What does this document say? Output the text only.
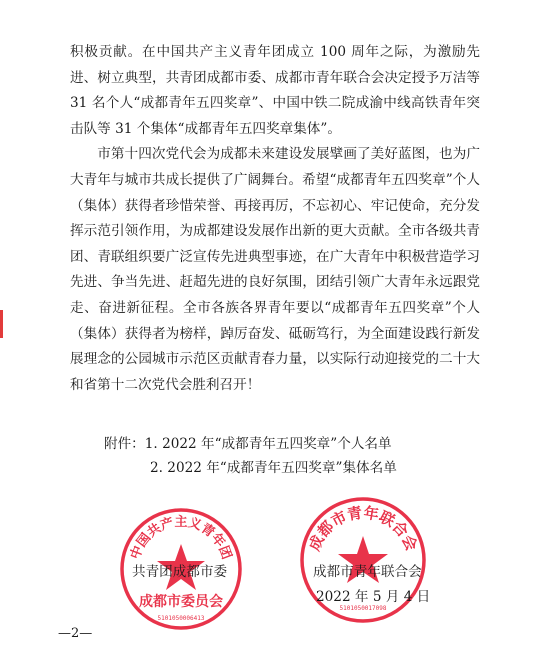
积极贡献。在中国共产主义青年团成立 100 周年之际，为激励先进、树立典型，共青团成都市委、成都市青年联合会决定授予万洁等 31 名个人“成都青年五四奖章”、中国中铁二院成渝中线高铁青年突击队等 31 个集体“成都青年五四奖章集体”。

市第十四次党代会为成都未来建设发展擘画了美好蓝图，也为广大青年与城市共成长提供了广阔舞台。希望“成都青年五四奖章”个人（集体）获得者珍惜荣誉、再接再厉，不忘初心、牢记使命，充分发挥示范引领作用，为成都建设发展作出新的更大贡献。全市各级共青团、青联组织要广泛宣传先进典型事迹，在广大青年中积极营造学习先进、争当先进、赶超先进的良好氛围，团结引领广大青年永远跟党走、奋进新征程。全市各族各界青年要以“成都青年五四奖章”个人（集体）获得者为榜样，踔厉奋发、砥砺笃行，为全面建设践行新发展理念的公园城市示范区贡献青春力量，以实际行动迎接党的二十大和省第十二次党代会胜利召开！

附件：1. 2022 年“成都青年五四奖章”个人名单
2. 2022 年“成都青年五四奖章”集体名单
中国共产主义青年团
成都市委员会
5101050006413
共青团成都市委
成都市青年联合会
5101050017098
成都市青年联合会
2022 年 5 月 4 日
—2—
